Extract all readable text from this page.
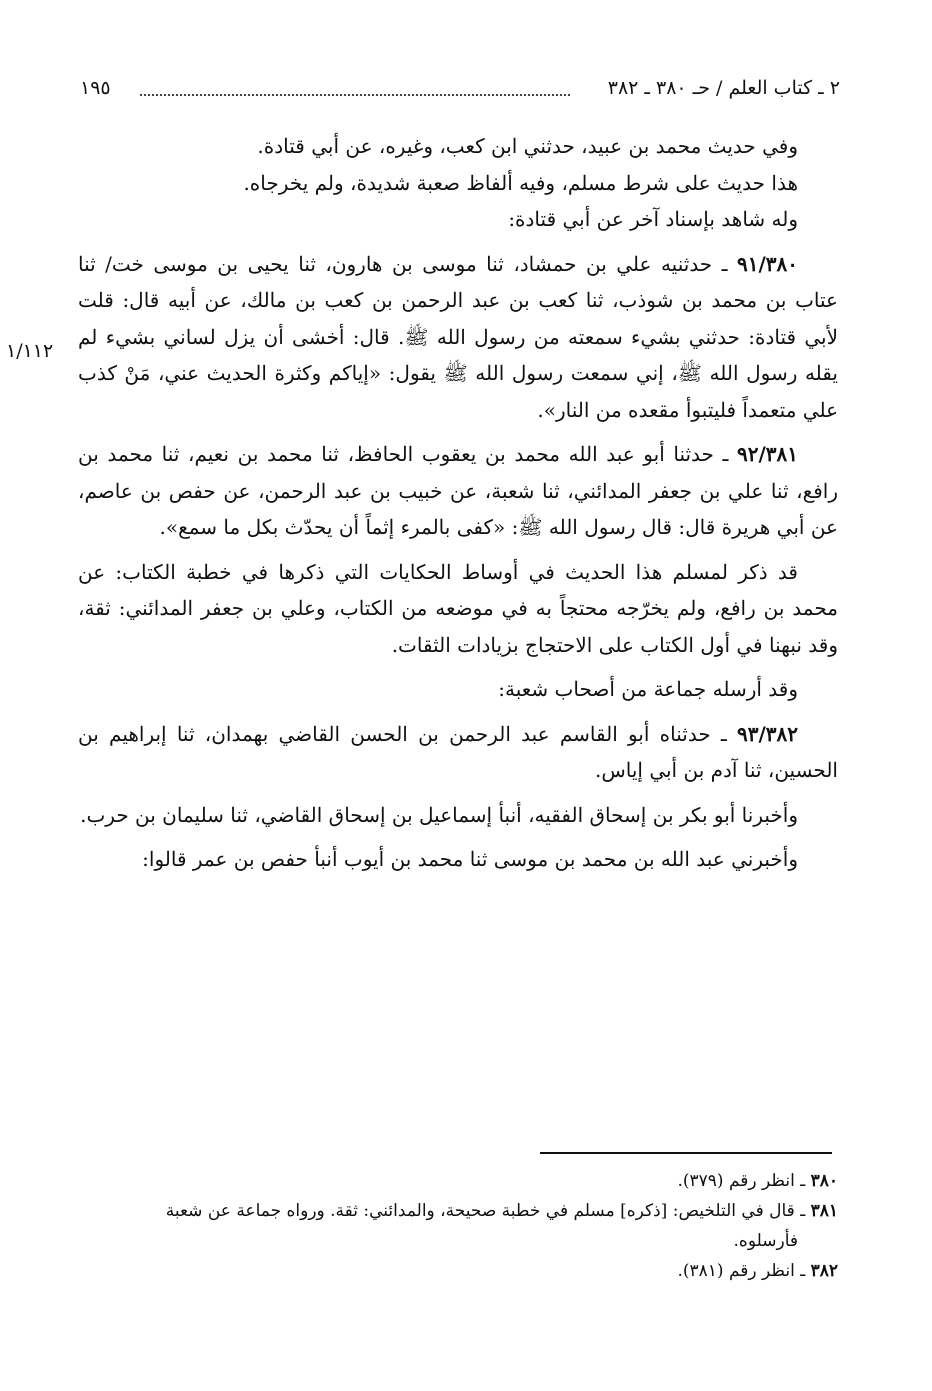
٢ ـ كتاب العلم / حـ ٣٨٠ ـ ٣٨٢
١٩٥
١/١١٢

وفي حديث محمد بن عبيد، حدثني ابن كعب، وغيره، عن أبي قتادة.

هذا حديث على شرط مسلم، وفيه ألفاظ صعبة شديدة، ولم يخرجاه.

وله شاهد بإسناد آخر عن أبي قتادة:

٩١/٣٨٠ ـ حدثنيه علي بن حمشاد، ثنا موسى بن هارون، ثنا يحيى بن موسى خت/ ثنا عتاب بن محمد بن شوذب، ثنا كعب بن عبد الرحمن بن كعب بن مالك، عن أبيه قال: قلت لأبي قتادة: حدثني بشيء سمعته من رسول الله ﷺ. قال: أخشى أن يزل لساني بشيء لم يقله رسول الله ﷺ، إني سمعت رسول الله ﷺ يقول: «إياكم وكثرة الحديث عني، مَنْ كذب علي متعمداً فليتبوأ مقعده من النار».

٩٢/٣٨١ ـ حدثنا أبو عبد الله محمد بن يعقوب الحافظ، ثنا محمد بن نعيم، ثنا محمد بن رافع، ثنا علي بن جعفر المدائني، ثنا شعبة، عن خبيب بن عبد الرحمن، عن حفص بن عاصم، عن أبي هريرة قال: قال رسول الله ﷺ: «كفى بالمرء إثماً أن يحدّث بكل ما سمع».

قد ذكر لمسلم هذا الحديث في أوساط الحكايات التي ذكرها في خطبة الكتاب: عن محمد بن رافع، ولم يخرّجه محتجاً به في موضعه من الكتاب، وعلي بن جعفر المدائني: ثقة، وقد نبهنا في أول الكتاب على الاحتجاج بزيادات الثقات.

وقد أرسله جماعة من أصحاب شعبة:

٩٣/٣٨٢ ـ حدثناه أبو القاسم عبد الرحمن بن الحسن القاضي بهمدان، ثنا إبراهيم بن الحسين، ثنا آدم بن أبي إياس.

وأخبرنا أبو بكر بن إسحاق الفقيه، أنبأ إسماعيل بن إسحاق القاضي، ثنا سليمان بن حرب.

وأخبرني عبد الله بن محمد بن موسى ثنا محمد بن أيوب أنبأ حفص بن عمر قالوا:

٣٨٠ ـ انظر رقم (٣٧٩).

٣٨١ ـ قال في التلخيص: [ذكره] مسلم في خطبة صحيحة، والمدائني: ثقة. ورواه جماعة عن شعبة

فأرسلوه.

٣٨٢ ـ انظر رقم (٣٨١).
